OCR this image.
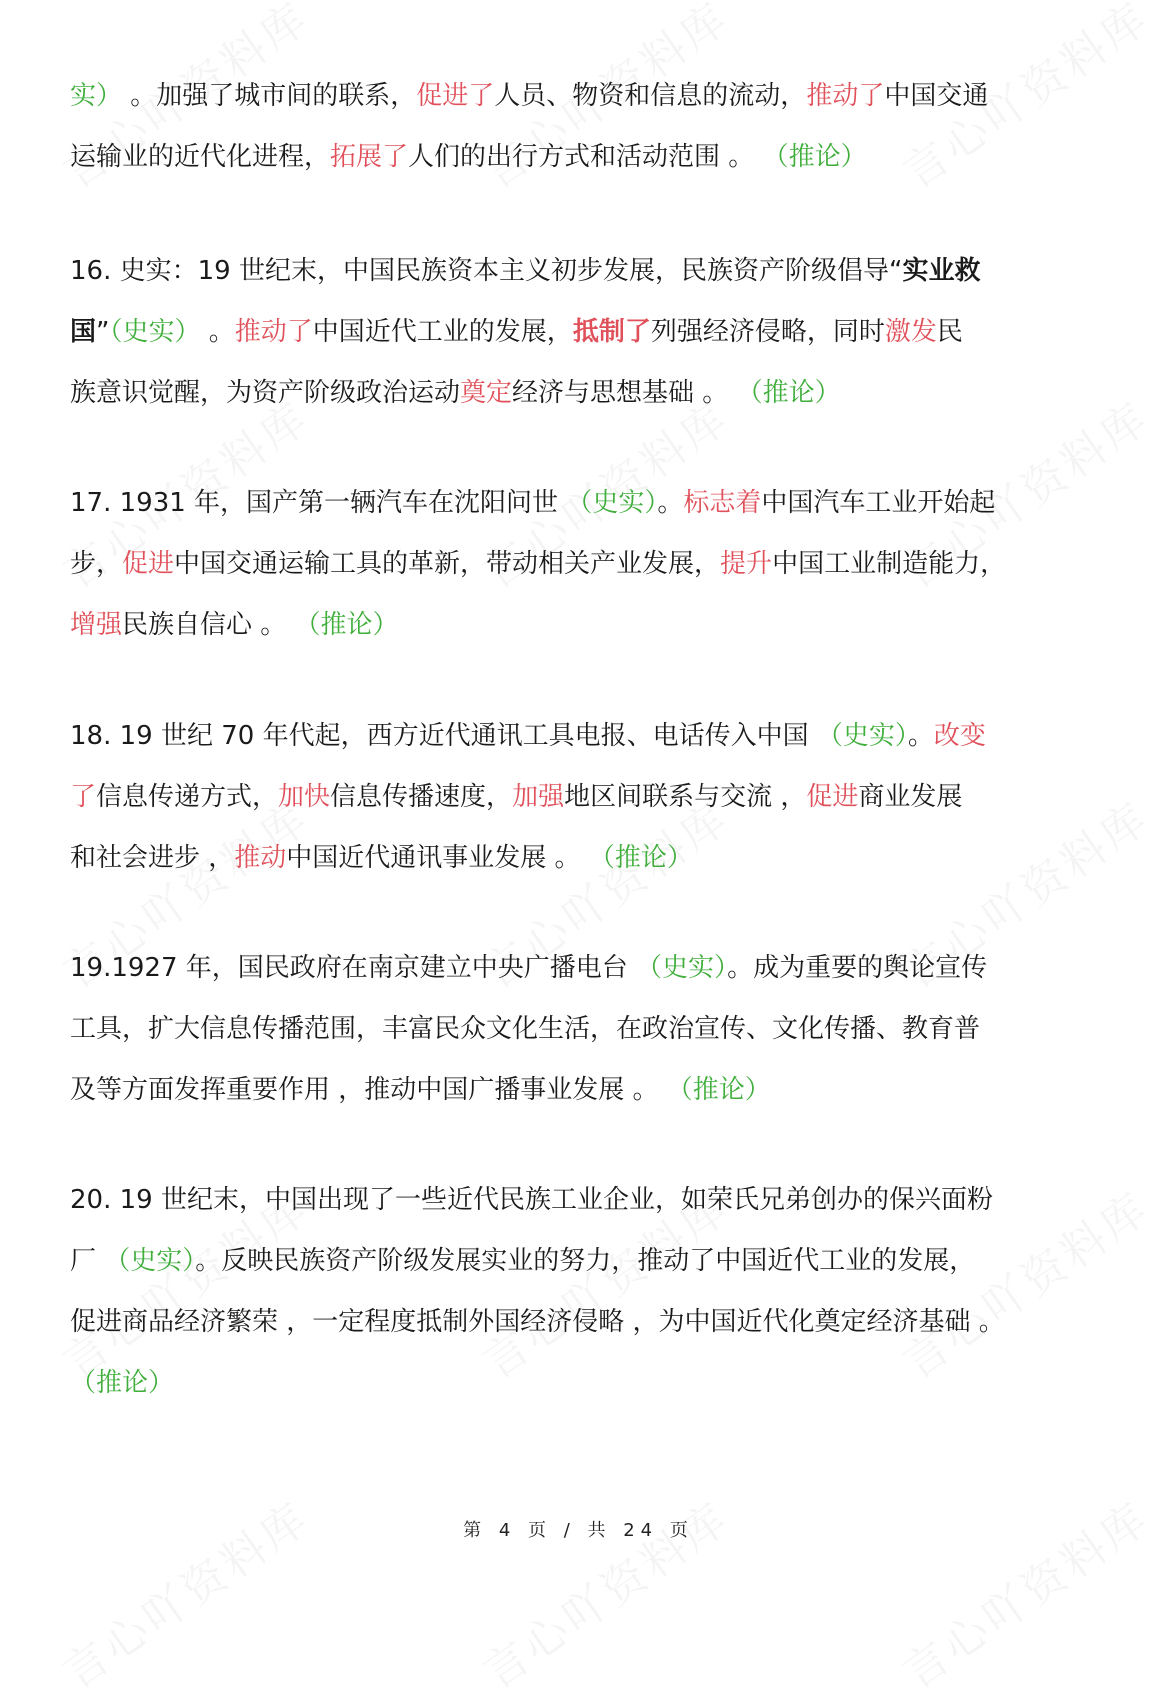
实） 。加强了城市间的联系，促进了人员、物资和信息的流动，推动了中国交通
运输业的近代化进程，拓展了人们的出行方式和活动范围 。 （推论）
16. 史实：19 世纪末，中国民族资本主义初步发展，民族资产阶级倡导“实业救
国”（史实） 。推动了中国近代工业的发展，抵制了列强经济侵略，同时激发民
族意识觉醒，为资产阶级政治运动奠定经济与思想基础 。 （推论）
17. 1931 年，国产第一辆汽车在沈阳问世 （史实）。标志着中国汽车工业开始起
步，促进中国交通运输工具的革新，带动相关产业发展，提升中国工业制造能力，
增强民族自信心 。 （推论）
18. 19 世纪 70 年代起，西方近代通讯工具电报、电话传入中国 （史实）。改变
了信息传递方式，加快信息传播速度，加强地区间联系与交流 ，促进商业发展
和社会进步 ，推动中国近代通讯事业发展 。 （推论）
19.1927 年，国民政府在南京建立中央广播电台 （史实）。成为重要的舆论宣传
工具，扩大信息传播范围，丰富民众文化生活，在政治宣传、文化传播、教育普
及等方面发挥重要作用 ，推动中国广播事业发展 。 （推论）
20. 19 世纪末，中国出现了一些近代民族工业企业，如荣氏兄弟创办的保兴面粉
厂 （史实）。反映民族资产阶级发展实业的努力，推动了中国近代工业的发展，
促进商品经济繁荣 ，一定程度抵制外国经济侵略 ，为中国近代化奠定经济基础 。
（推论）
第 4 页 / 共 24 页
